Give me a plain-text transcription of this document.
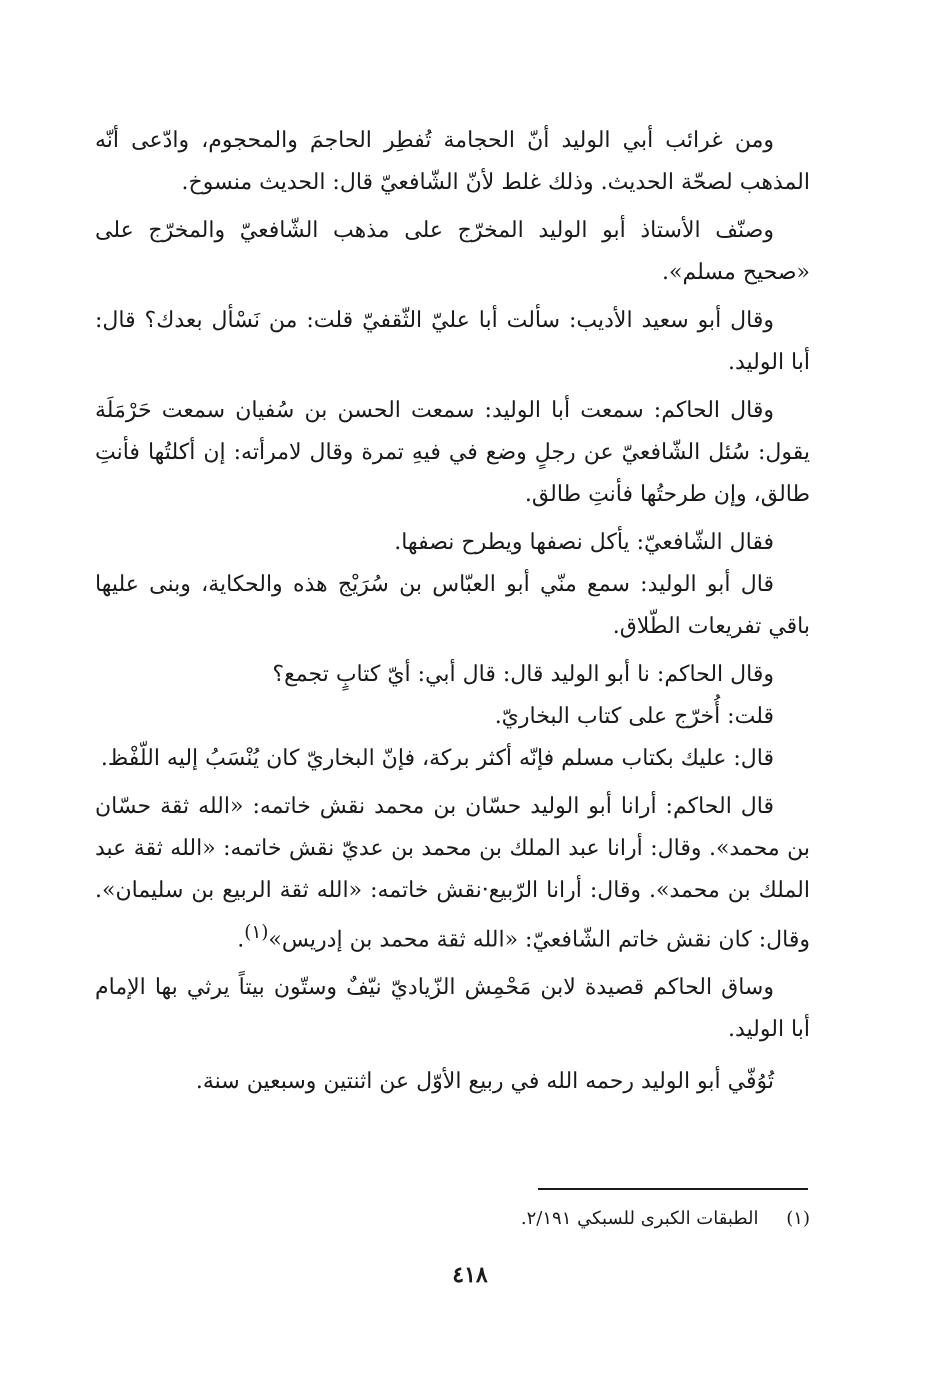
ومن غرائب أبي الوليد أنّ الحجامة تُفطِر الحاجمَ والمحجوم، وادّعى أنّه المذهب لصحّة الحديث. وذلك غلط لأنّ الشّافعيّ قال: الحديث منسوخ.

وصنّف الأستاذ أبو الوليد المخرّج على مذهب الشّافعيّ والمخرّج على «صحيح مسلم».

وقال أبو سعيد الأديب: سألت أبا عليّ الثّقفيّ قلت: من نَسْأل بعدك؟ قال: أبا الوليد.

وقال الحاكم: سمعت أبا الوليد: سمعت الحسن بن سُفيان سمعت حَرْمَلَة يقول: سُئل الشّافعيّ عن رجلٍ وضع في فيهِ تمرة وقال لامرأته: إن أكلتُها فأنتِ طالق، وإن طرحتُها فأنتِ طالق.

فقال الشّافعيّ: يأكل نصفها ويطرح نصفها.

قال أبو الوليد: سمع منّي أبو العبّاس بن سُرَيْج هذه والحكاية، وبنى عليها باقي تفريعات الطّلاق.

وقال الحاكم: نا أبو الوليد قال: قال أبي: أيّ كتابٍ تجمع؟

قلت: أُخرّج على كتاب البخاريّ.

قال: عليك بكتاب مسلم فإنّه أكثر بركة، فإنّ البخاريّ كان يُنْسَبُ إليه اللّفْظ.

قال الحاكم: أرانا أبو الوليد حسّان بن محمد نقش خاتمه: «الله ثقة حسّان بن محمد». وقال: أرانا عبد الملك بن محمد بن عديّ نقش خاتمه: «الله ثقة عبد الملك بن محمد». وقال: أرانا الرّبيع·نقش خاتمه: «الله ثقة الربيع بن سليمان». وقال: كان نقش خاتم الشّافعيّ: «الله ثقة محمد بن إدريس»$^{(١)}$.

وساق الحاكم قصيدة لابن مَحْمِش الزّياديّ نيّفٌ وستّون بيتاً يرثي بها الإمام أبا الوليد.

تُوُفّي أبو الوليد رحمه الله في ربيع الأوّل عن اثنتين وسبعين سنة.

(١) الطبقات الكبرى للسبكي ٢/١٩١.
٤١٨
